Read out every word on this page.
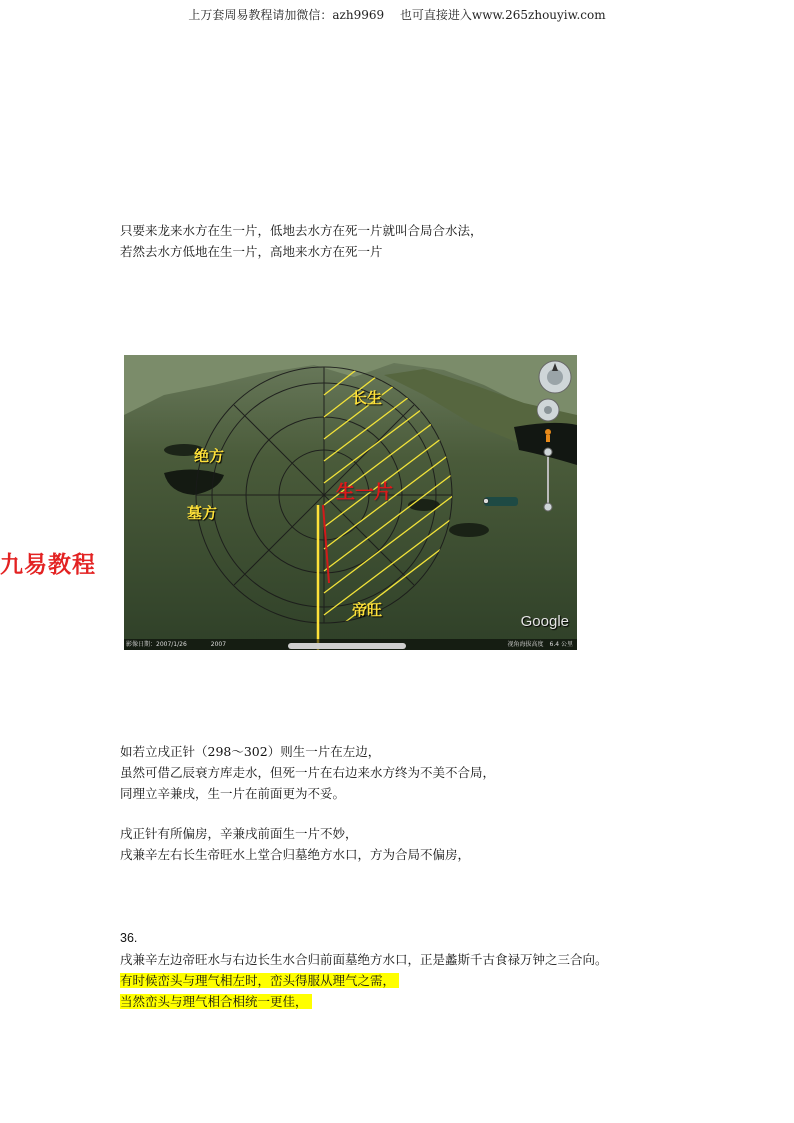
上万套周易教程请加微信：azh9969　 也可直接进入www.265zhouyiw.com
只要来龙来水方在生一片，低地去水方在死一片就叫合局合水法，
若然去水方低地在生一片，高地来水方在死一片
九易教程
长生
绝方
墓方
生一片
帝旺
Google
影像日期：2007/1/26　　　　2007	视角海拔高度　6.4 公里
如若立戌正针（298～302）则生一片在左边，
虽然可借乙辰衰方库走水，但死一片在右边来水方终为不美不合局，
同理立辛兼戌，生一片在前面更为不妥。
戌正针有所偏房，辛兼戌前面生一片不妙，
戌兼辛左右长生帝旺水上堂合归墓绝方水口，方为合局不偏房，
36.
戌兼辛左边帝旺水与右边长生水合归前面墓绝方水口，正是蠡斯千古食禄万钟之三合向。
有时候峦头与理气相左时，峦头得服从理气之需，
当然峦头与理气相合相统一更佳，
